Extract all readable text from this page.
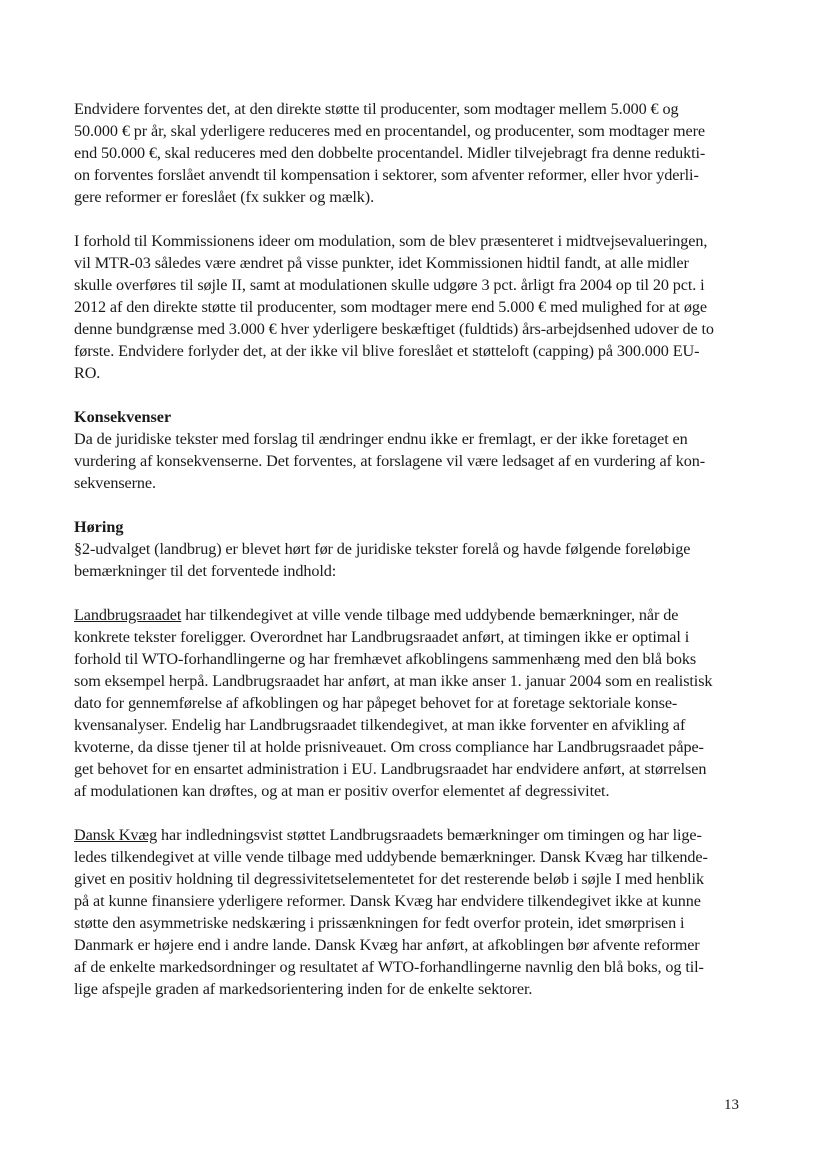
Endvidere forventes det, at den direkte støtte til producenter, som modtager mellem 5.000 € og

50.000 € pr år, skal yderligere reduceres med en procentandel, og producenter, som modtager mere

end 50.000 €, skal reduceres med den dobbelte procentandel. Midler tilvejebragt fra denne redukti-

on forventes forslået anvendt til kompensation i sektorer, som afventer reformer, eller hvor yderli-

gere reformer er foreslået (fx sukker og mælk).

I forhold til Kommissionens ideer om modulation, som de blev præsenteret i midtvejsevalueringen,

vil MTR-03 således være ændret på visse punkter, idet Kommissionen hidtil fandt, at alle midler

skulle overføres til søjle II, samt at modulationen skulle udgøre 3 pct. årligt fra 2004 op til 20 pct. i

2012 af den direkte støtte til producenter, som modtager mere end 5.000 € med mulighed for at øge

denne bundgrænse med 3.000 € hver yderligere beskæftiget (fuldtids) års-arbejdsenhed udover de to

første. Endvidere forlyder det, at der ikke vil blive foreslået et støtteloft (capping) på 300.000 EU-

RO.

Konsekvenser

Da de juridiske tekster med forslag til ændringer endnu ikke er fremlagt, er der ikke foretaget en

vurdering af konsekvenserne. Det forventes, at forslagene vil være ledsaget af en vurdering af kon-

sekvenserne.

Høring

§2-udvalget (landbrug) er blevet hørt før de juridiske tekster forelå og havde følgende foreløbige

bemærkninger til det forventede indhold:

Landbrugsraadet har tilkendegivet at ville vende tilbage med uddybende bemærkninger, når de

konkrete tekster foreligger. Overordnet har Landbrugsraadet anført, at timingen ikke er optimal i

forhold til WTO-forhandlingerne og har fremhævet afkoblingens sammenhæng med den blå boks

som eksempel herpå. Landbrugsraadet har anført, at man ikke anser 1. januar 2004 som en realistisk

dato for gennemførelse af afkoblingen og har påpeget behovet for at foretage sektoriale konse-

kvensanalyser. Endelig har Landbrugsraadet tilkendegivet, at man ikke forventer en afvikling af

kvoterne, da disse tjener til at holde prisniveauet. Om cross compliance har Landbrugsraadet påpe-

get behovet for en ensartet administration i EU. Landbrugsraadet har endvidere anført, at størrelsen

af modulationen kan drøftes, og at man er positiv overfor elementet af degressivitet.

Dansk Kvæg har indledningsvist støttet Landbrugsraadets bemærkninger om timingen og har lige-

ledes tilkendegivet at ville vende tilbage med uddybende bemærkninger. Dansk Kvæg har tilkende-

givet en positiv holdning til degressivitetselementetet for det resterende beløb i søjle I med henblik

på at kunne finansiere yderligere reformer. Dansk Kvæg har endvidere tilkendegivet ikke at kunne

støtte den asymmetriske nedskæring i prissænkningen for fedt overfor protein, idet smørprisen i

Danmark er højere end i andre lande. Dansk Kvæg har anført, at afkoblingen bør afvente reformer

af de enkelte markedsordninger og resultatet af WTO-forhandlingerne navnlig den blå boks, og til-

lige afspejle graden af markedsorientering inden for de enkelte sektorer.

13
